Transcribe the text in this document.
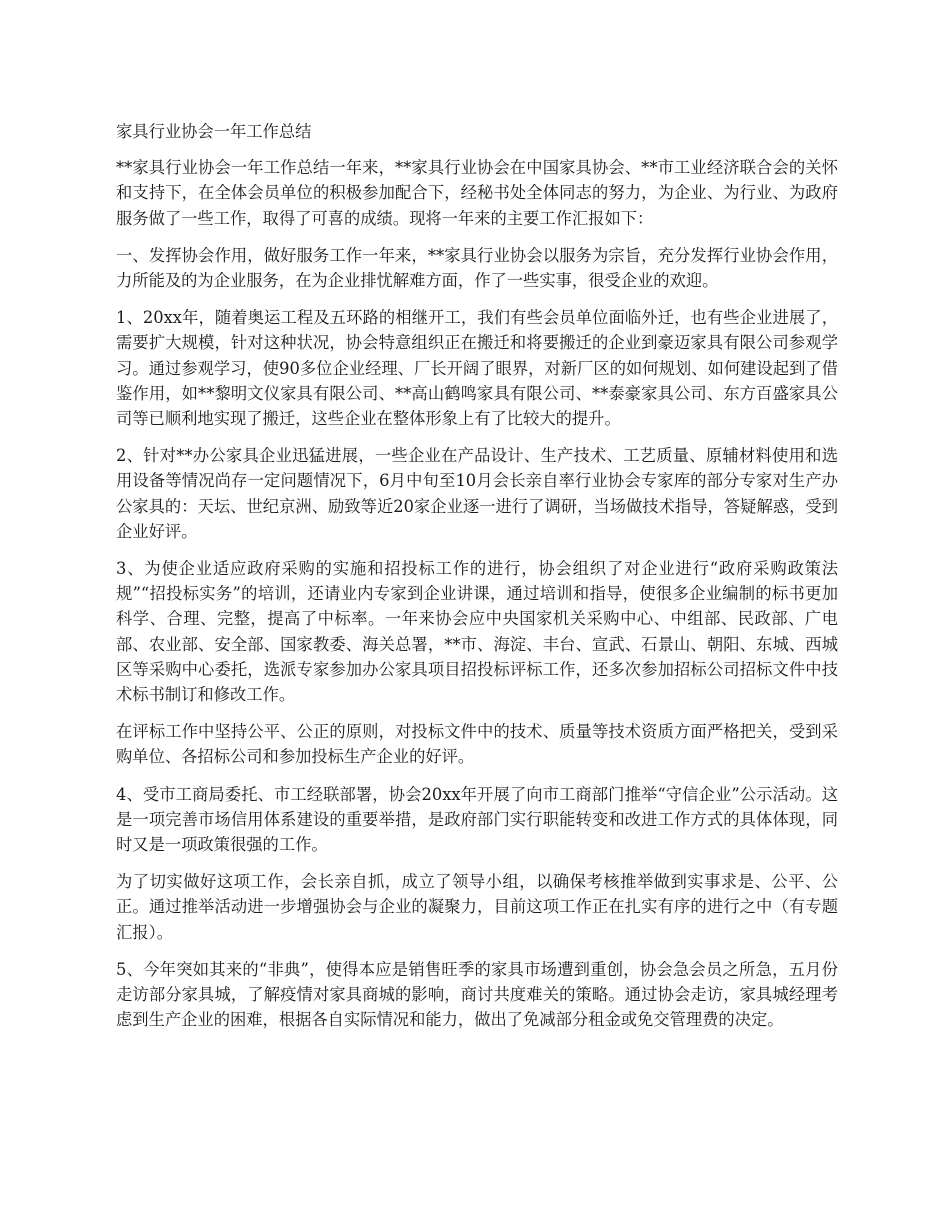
家具行业协会一年工作总结

**家具行业协会一年工作总结一年来，**家具行业协会在中国家具协会、**市工业经济联合会的关怀和支持下，在全体会员单位的积极参加配合下，经秘书处全体同志的努力，为企业、为行业、为政府服务做了一些工作，取得了可喜的成绩。现将一年来的主要工作汇报如下：

一、发挥协会作用，做好服务工作一年来，**家具行业协会以服务为宗旨，充分发挥行业协会作用，力所能及的为企业服务，在为企业排忧解难方面，作了一些实事，很受企业的欢迎。

1、20xx年，随着奥运工程及五环路的相继开工，我们有些会员单位面临外迁，也有些企业进展了，需要扩大规模，针对这种状况，协会特意组织正在搬迁和将要搬迁的企业到豪迈家具有限公司参观学习。通过参观学习，使90多位企业经理、厂长开阔了眼界，对新厂区的如何规划、如何建设起到了借鉴作用，如**黎明文仪家具有限公司、**高山鹤鸣家具有限公司、**泰豪家具公司、东方百盛家具公司等已顺利地实现了搬迁，这些企业在整体形象上有了比较大的提升。

2、针对**办公家具企业迅猛进展，一些企业在产品设计、生产技术、工艺质量、原辅材料使用和选用设备等情况尚存一定问题情况下，6月中旬至10月会长亲自率行业协会专家库的部分专家对生产办公家具的：天坛、世纪京洲、励致等近20家企业逐一进行了调研，当场做技术指导，答疑解惑，受到企业好评。

3、为使企业适应政府采购的实施和招投标工作的进行，协会组织了对企业进行“政府采购政策法规”“招投标实务”的培训，还请业内专家到企业讲课，通过培训和指导，使很多企业编制的标书更加科学、合理、完整，提高了中标率。一年来协会应中央国家机关采购中心、中组部、民政部、广电部、农业部、安全部、国家教委、海关总署，**市、海淀、丰台、宣武、石景山、朝阳、东城、西城区等采购中心委托，选派专家参加办公家具项目招投标评标工作，还多次参加招标公司招标文件中技术标书制订和修改工作。

在评标工作中坚持公平、公正的原则，对投标文件中的技术、质量等技术资质方面严格把关，受到采购单位、各招标公司和参加投标生产企业的好评。

4、受市工商局委托、市工经联部署，协会20xx年开展了向市工商部门推举“守信企业”公示活动。这是一项完善市场信用体系建设的重要举措，是政府部门实行职能转变和改进工作方式的具体体现，同时又是一项政策很强的工作。

为了切实做好这项工作，会长亲自抓，成立了领导小组，以确保考核推举做到实事求是、公平、公正。通过推举活动进一步增强协会与企业的凝聚力，目前这项工作正在扎实有序的进行之中（有专题汇报）。

5、今年突如其来的“非典”，使得本应是销售旺季的家具市场遭到重创，协会急会员之所急，五月份走访部分家具城，了解疫情对家具商城的影响，商讨共度难关的策略。通过协会走访，家具城经理考虑到生产企业的困难，根据各自实际情况和能力，做出了免减部分租金或免交管理费的决定。
